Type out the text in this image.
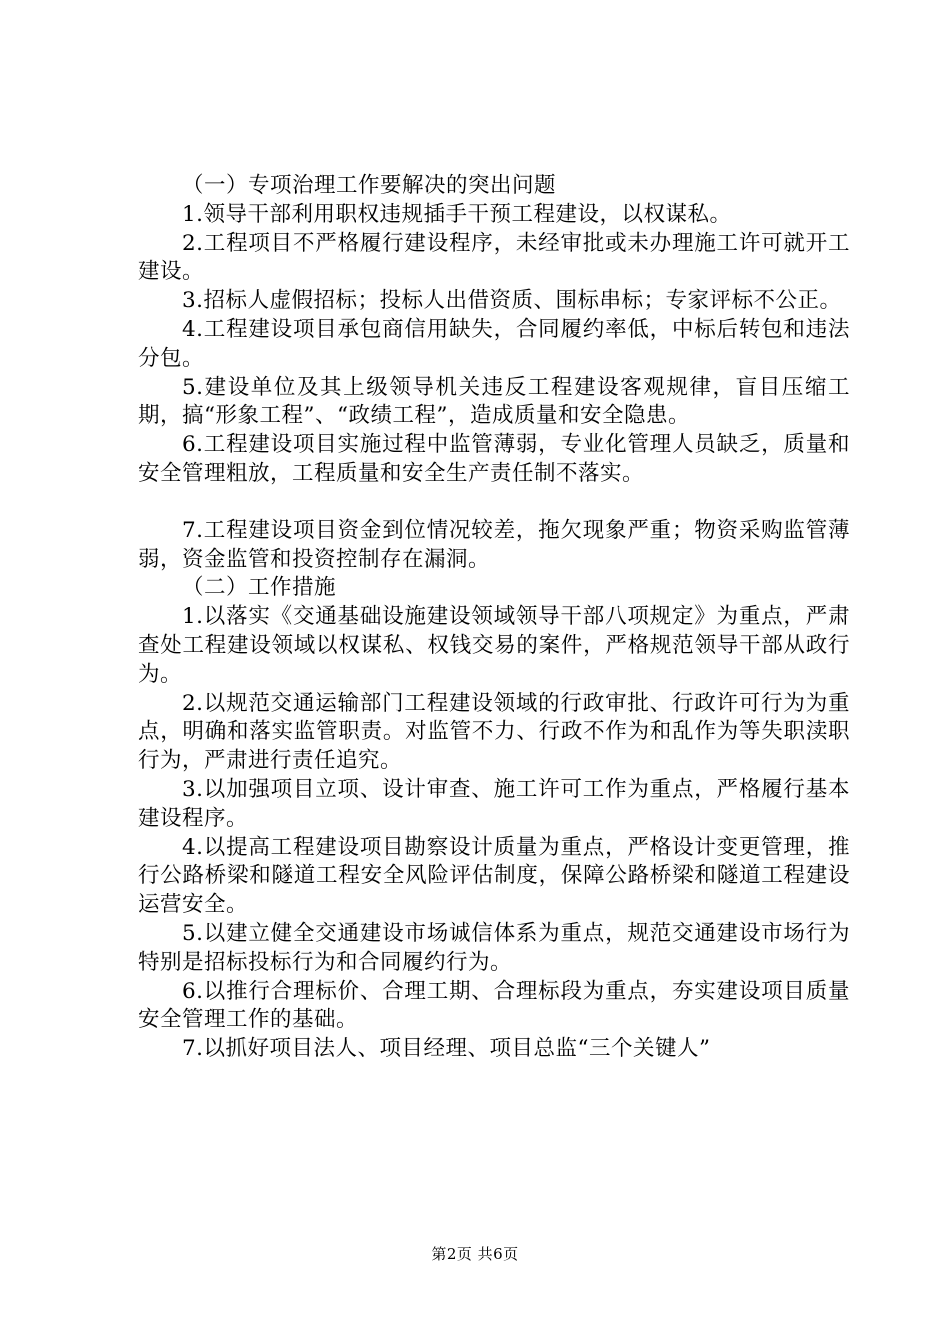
（一）专项治理工作要解决的突出问题

1.领导干部利用职权违规插手干预工程建设，以权谋私。

2.工程项目不严格履行建设程序，未经审批或未办理施工许可就开工建设。

3.招标人虚假招标；投标人出借资质、围标串标；专家评标不公正。

4.工程建设项目承包商信用缺失，合同履约率低，中标后转包和违法分包。

5.建设单位及其上级领导机关违反工程建设客观规律，盲目压缩工期，搞“形象工程”、“政绩工程”，造成质量和安全隐患。

6.工程建设项目实施过程中监管薄弱，专业化管理人员缺乏，质量和安全管理粗放，工程质量和安全生产责任制不落实。

7.工程建设项目资金到位情况较差，拖欠现象严重；物资采购监管薄弱，资金监管和投资控制存在漏洞。

（二）工作措施

1.以落实《交通基础设施建设领域领导干部八项规定》为重点，严肃查处工程建设领域以权谋私、权钱交易的案件，严格规范领导干部从政行为。

2.以规范交通运输部门工程建设领域的行政审批、行政许可行为为重点，明确和落实监管职责。对监管不力、行政不作为和乱作为等失职渎职行为，严肃进行责任追究。

3.以加强项目立项、设计审查、施工许可工作为重点，严格履行基本建设程序。

4.以提高工程建设项目勘察设计质量为重点，严格设计变更管理，推行公路桥梁和隧道工程安全风险评估制度，保障公路桥梁和隧道工程建设运营安全。

5.以建立健全交通建设市场诚信体系为重点，规范交通建设市场行为特别是招标投标行为和合同履约行为。

6.以推行合理标价、合理工期、合理标段为重点，夯实建设项目质量安全管理工作的基础。

7.以抓好项目法人、项目经理、项目总监“三个关键人”

第2页 共6页
